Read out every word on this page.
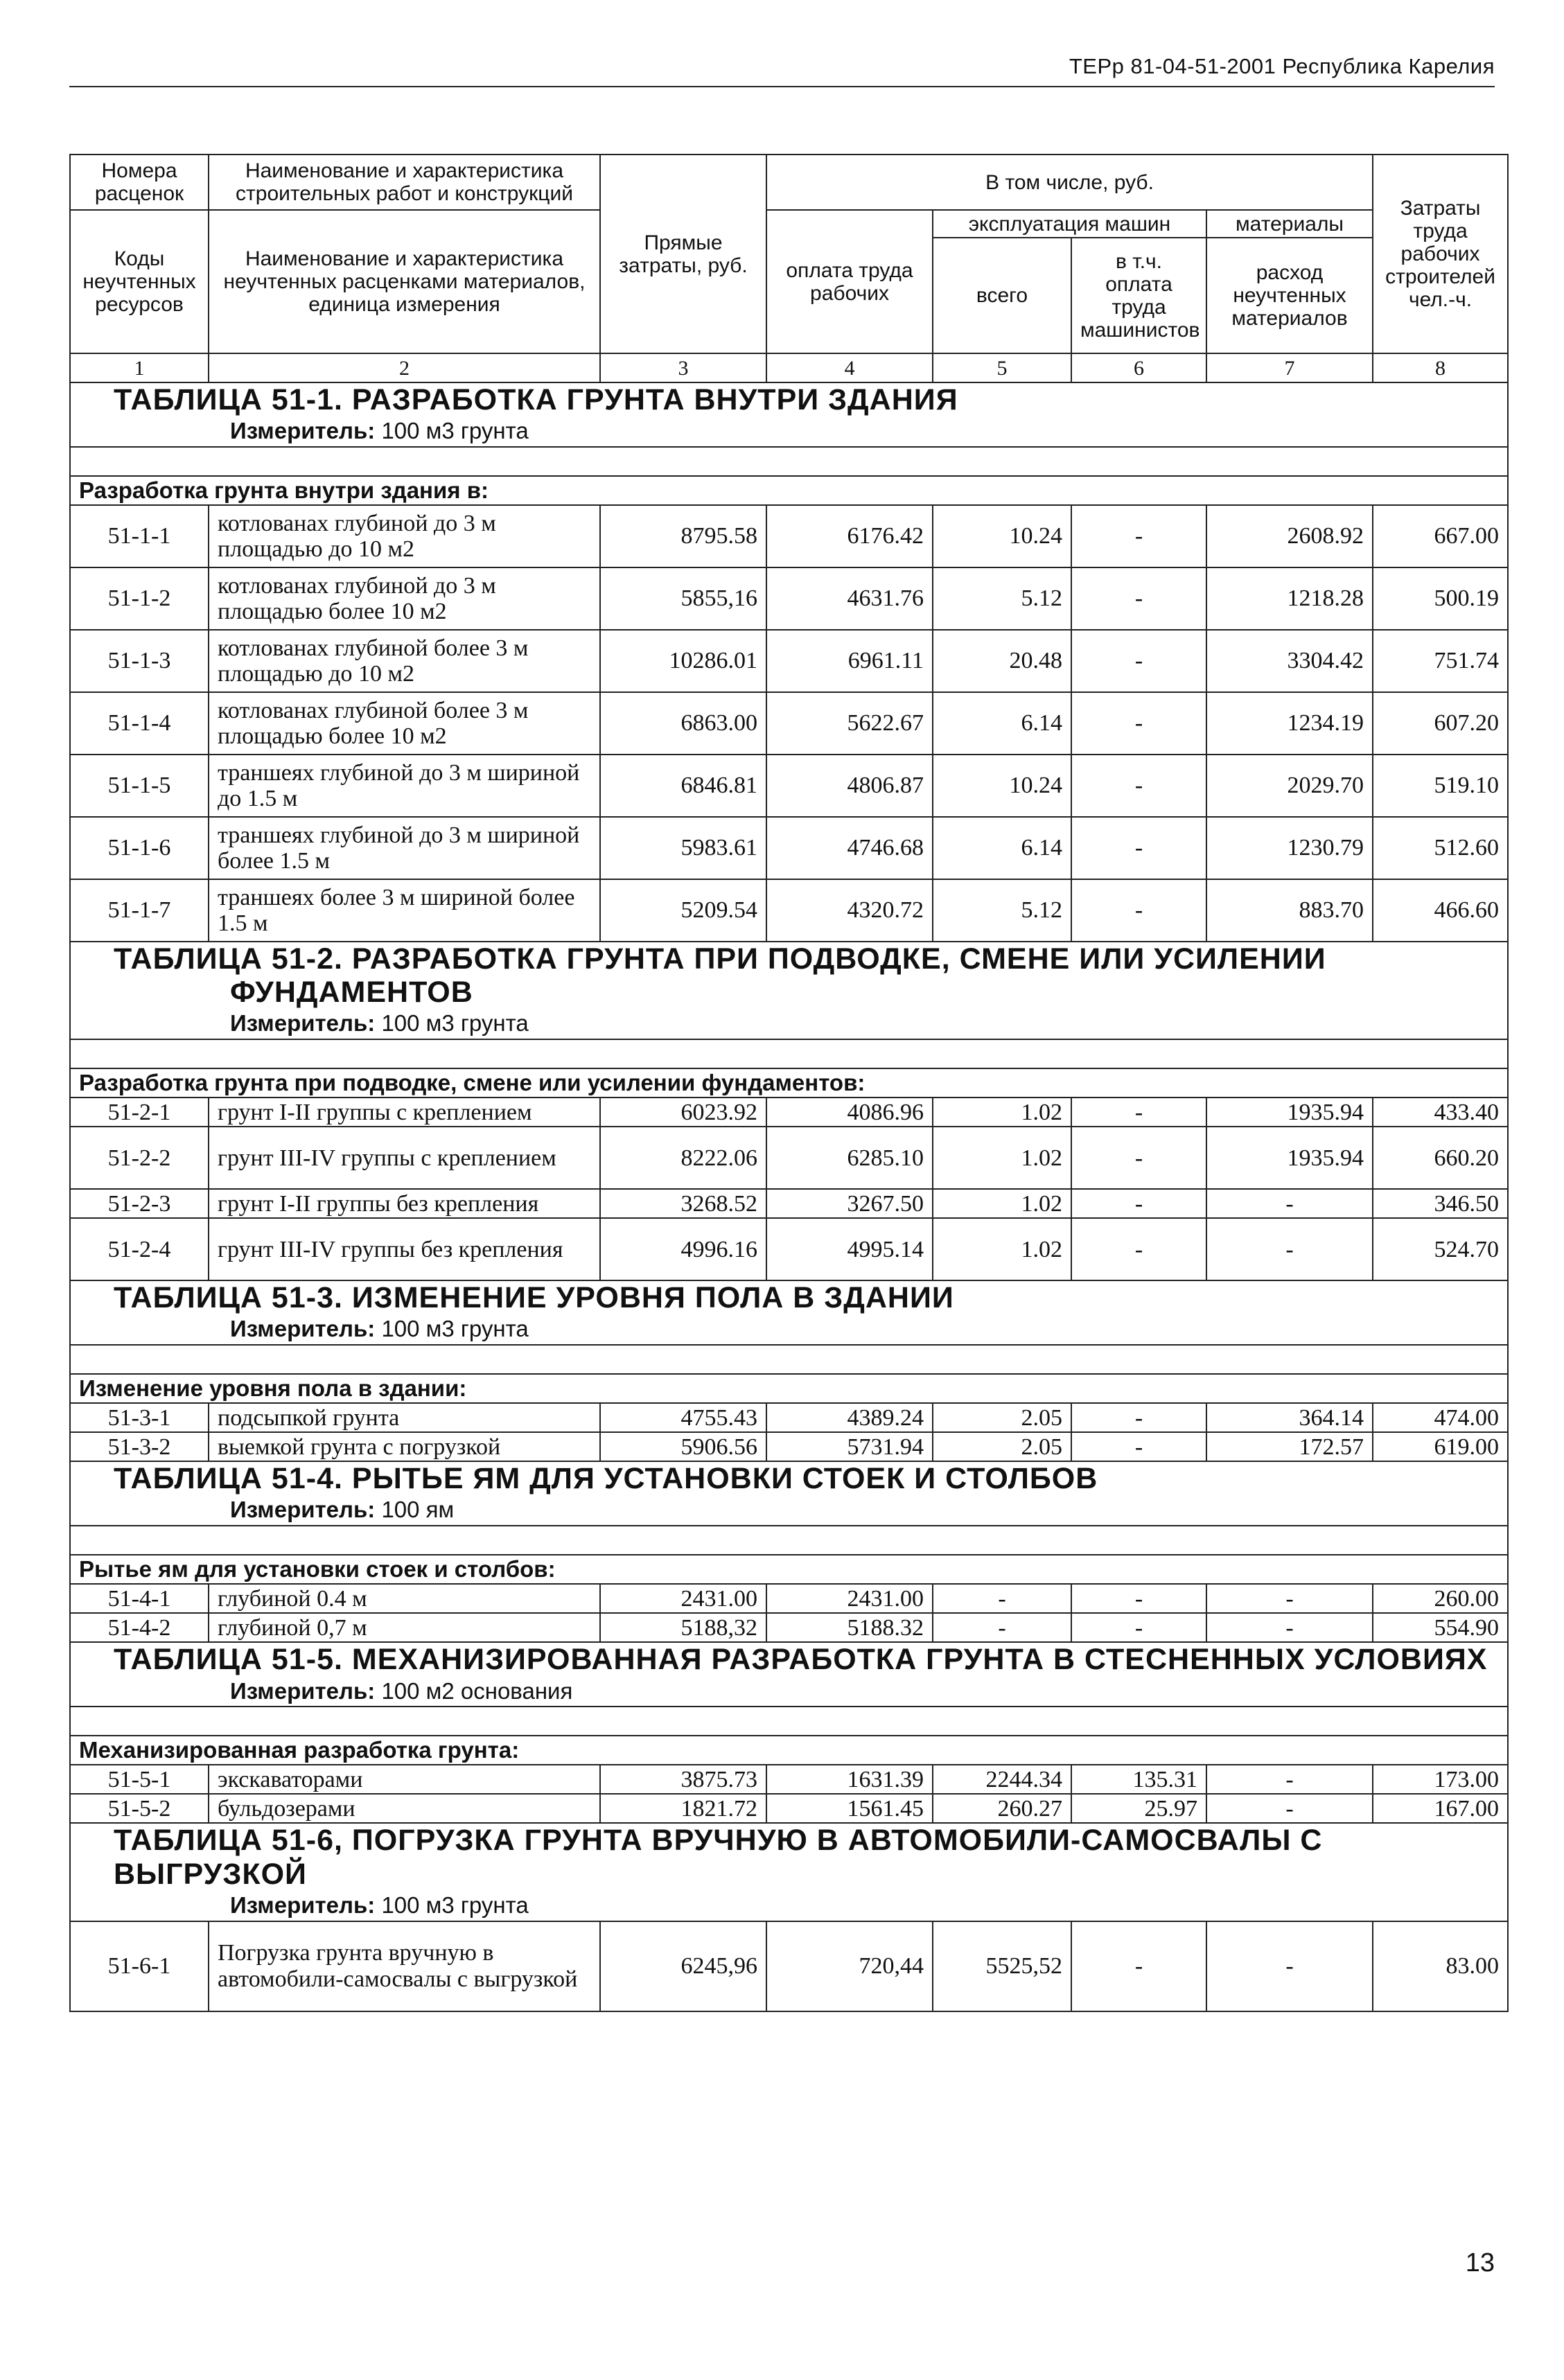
ТЕРр 81-04-51-2001 Республика Карелия
Номера расценок	Наименование и характеристика строительных работ и конструкций	Прямые затраты, руб.	В том числе, руб.				Затраты труда рабочих строителей чел.-ч.
Коды неучтенных ресурсов	Наименование и характеристика неучтенных расценками материалов, единица измерения		оплата труда рабочих	эксплуатация машин		материалы	
				всего	в т.ч. оплата труда машинистов	расход неучтенных материалов	
1	2	3	4	5	6	7	8

ТАБЛИЦА 51-1. РАЗРАБОТКА ГРУНТА ВНУТРИ ЗДАНИЯ
Измеритель: 100 м3 грунта							

Разработка грунта внутри здания в:							
51-1-1	котлованах глубиной до 3 м площадью до 10 м2	8795.58	6176.42	10.24	-	2608.92	667.00
51-1-2	котлованах глубиной до 3 м площадью более 10 м2	5855,16	4631.76	5.12	-	1218.28	500.19
51-1-3	котлованах глубиной более 3 м площадью до 10 м2	10286.01	6961.11	20.48	-	3304.42	751.74
51-1-4	котлованах глубиной более 3 м площадью более 10 м2	6863.00	5622.67	6.14	-	1234.19	607.20
51-1-5	траншеях глубиной до 3 м шириной до 1.5 м	6846.81	4806.87	10.24	-	2029.70	519.10
51-1-6	траншеях глубиной до 3 м шириной более 1.5 м	5983.61	4746.68	6.14	-	1230.79	512.60
51-1-7	траншеях более 3 м шириной более 1.5 м	5209.54	4320.72	5.12	-	883.70	466.60

ТАБЛИЦА 51-2. РАЗРАБОТКА ГРУНТА ПРИ ПОДВОДКЕ, СМЕНЕ ИЛИ УСИЛЕНИИ
ФУНДАМЕНТОВ
Измеритель: 100 м3 грунта							

Разработка грунта при подводке, смене или усилении фундаментов:							
51-2-1	грунт I-II группы с креплением	6023.92	4086.96	1.02	-	1935.94	433.40
51-2-2	грунт III-IV группы с креплением	8222.06	6285.10	1.02	-	1935.94	660.20
51-2-3	грунт I-II группы без крепления	3268.52	3267.50	1.02	-	-	346.50
51-2-4	грунт III-IV группы без крепления	4996.16	4995.14	1.02	-	-	524.70

ТАБЛИЦА 51-3. ИЗМЕНЕНИЕ УРОВНЯ ПОЛА В ЗДАНИИ
Измеритель: 100 м3 грунта							

Изменение уровня пола в здании:							
51-3-1	подсыпкой грунта	4755.43	4389.24	2.05	-	364.14	474.00
51-3-2	выемкой грунта с погрузкой	5906.56	5731.94	2.05	-	172.57	619.00

ТАБЛИЦА 51-4. РЫТЬЕ ЯМ ДЛЯ УСТАНОВКИ СТОЕК И СТОЛБОВ
Измеритель: 100 ям							

Рытье ям для установки стоек и столбов:							
51-4-1	глубиной 0.4 м	2431.00	2431.00	-	-	-	260.00
51-4-2	глубиной 0,7 м	5188,32	5188.32	-	-	-	554.90

ТАБЛИЦА 51-5. МЕХАНИЗИРОВАННАЯ РАЗРАБОТКА ГРУНТА В СТЕСНЕННЫХ УСЛОВИЯХ
Измеритель: 100 м2 основания							

Механизированная разработка грунта:							
51-5-1	экскаваторами	3875.73	1631.39	2244.34	135.31	-	173.00
51-5-2	бульдозерами	1821.72	1561.45	260.27	25.97	-	167.00

ТАБЛИЦА 51-6, ПОГРУЗКА ГРУНТА ВРУЧНУЮ В АВТОМОБИЛИ-САМОСВАЛЫ С ВЫГРУЗКОЙ
Измеритель: 100 м3 грунта							

51-6-1	Погрузка грунта вручную в автомобили-самосвалы с выгрузкой	6245,96	720,44	5525,52	-	-	83.00
13
